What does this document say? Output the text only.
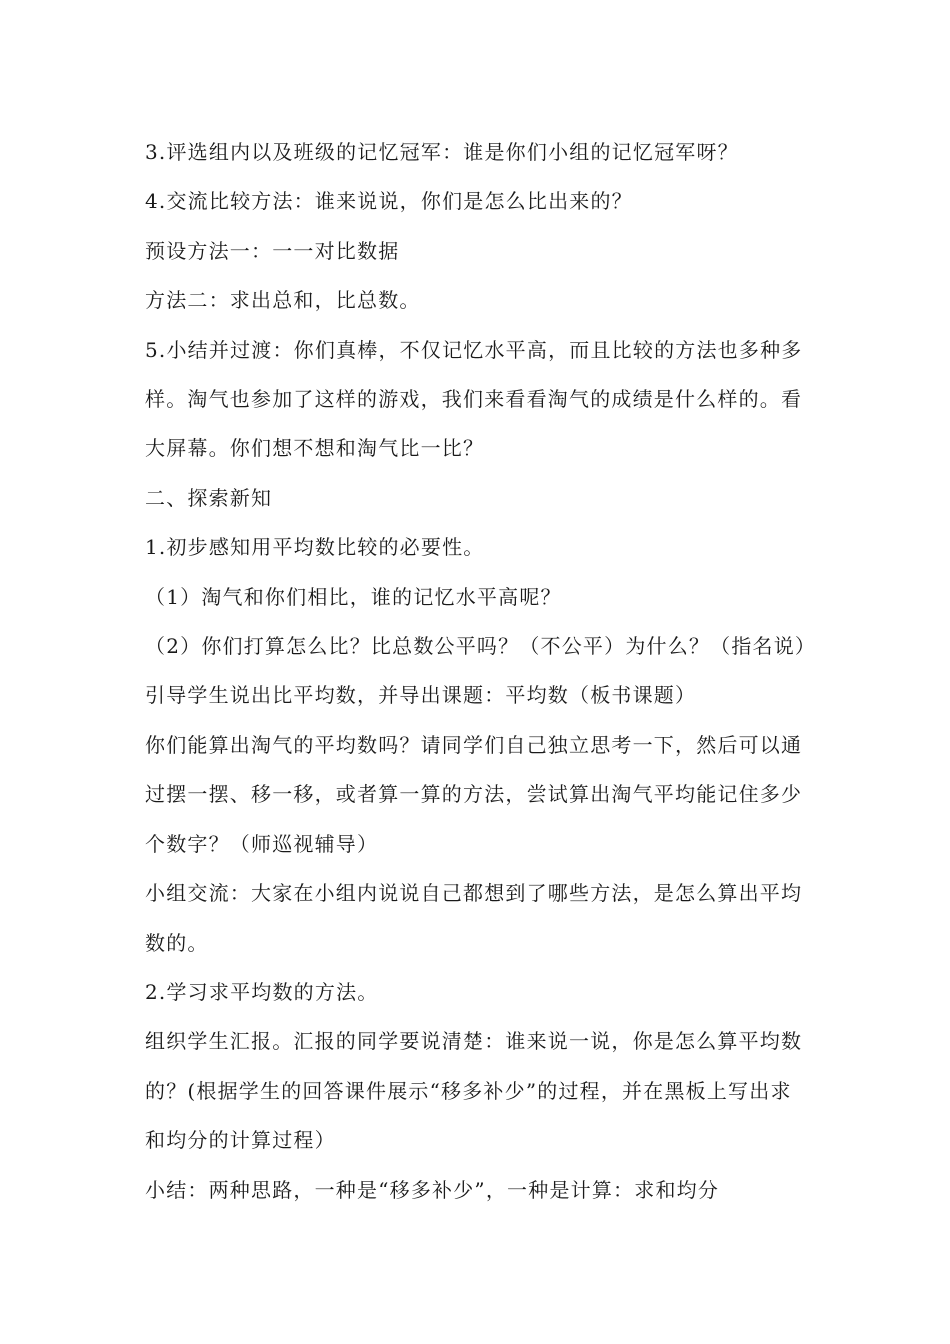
3.评选组内以及班级的记忆冠军：谁是你们小组的记忆冠军呀？

4.交流比较方法：谁来说说，你们是怎么比出来的？

预设方法一：一一对比数据

方法二：求出总和，比总数。

5.小结并过渡：你们真棒，不仅记忆水平高，而且比较的方法也多种多样。淘气也参加了这样的游戏，我们来看看淘气的成绩是什么样的。看大屏幕。你们想不想和淘气比一比？

二、探索新知

1.初步感知用平均数比较的必要性。

（1）淘气和你们相比，谁的记忆水平高呢？

（2）你们打算怎么比？比总数公平吗？（不公平）为什么？（指名说）引导学生说出比平均数，并导出课题：平均数（板书课题）

你们能算出淘气的平均数吗？请同学们自己独立思考一下，然后可以通过摆一摆、移一移，或者算一算的方法，尝试算出淘气平均能记住多少个数字？（师巡视辅导）

小组交流：大家在小组内说说自己都想到了哪些方法，是怎么算出平均数的。

2.学习求平均数的方法。

组织学生汇报。汇报的同学要说清楚：谁来说一说，你是怎么算平均数的？(根据学生的回答课件展示“移多补少”的过程，并在黑板上写出求和均分的计算过程）

小结：两种思路，一种是“移多补少”，一种是计算：求和均分
